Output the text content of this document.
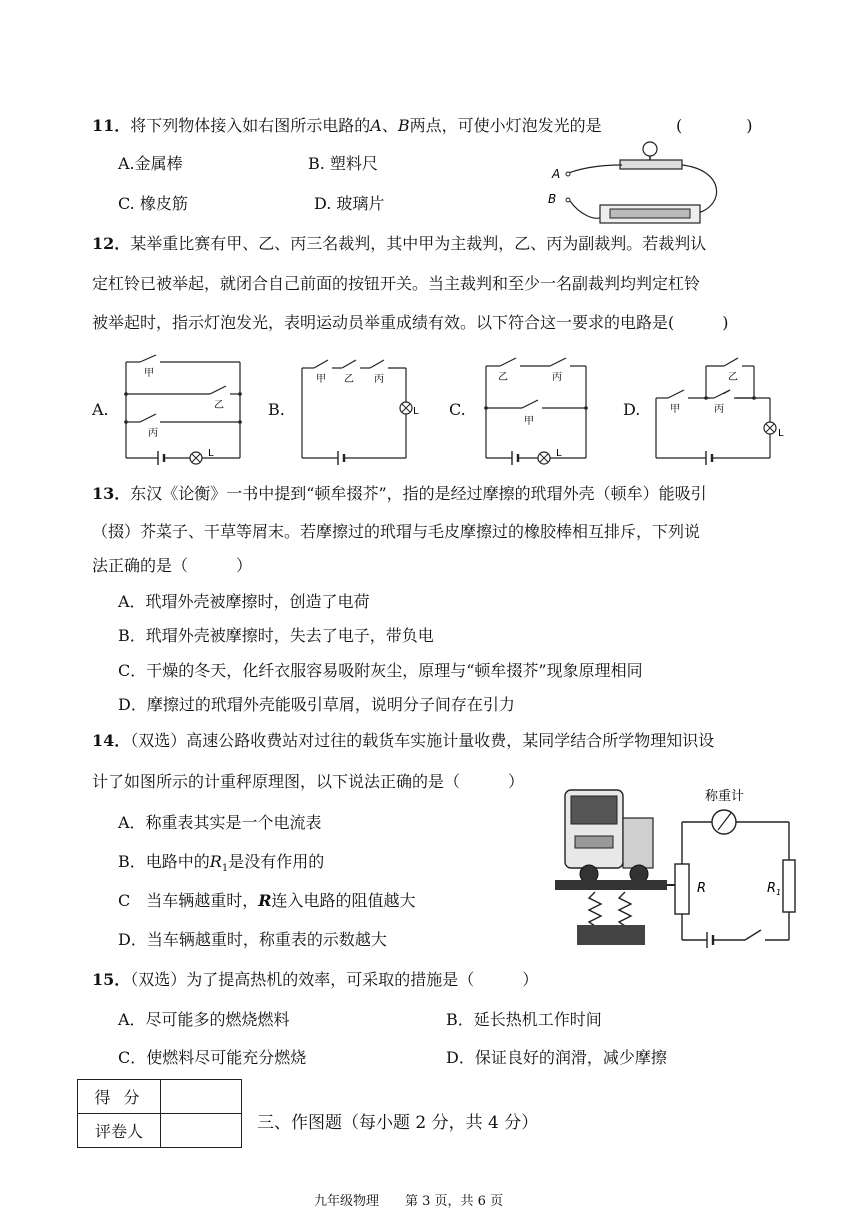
11．将下列物体接入如右图所示电路的A、B两点，可使小灯泡发光的是	(　　　　)
A.金属棒	B. 塑料尺
C. 橡皮筋	D. 玻璃片
A
B
12．某举重比赛有甲、乙、丙三名裁判，其中甲为主裁判，乙、丙为副裁判。若裁判认
定杠铃已被举起，就闭合自己前面的按钮开关。当主裁判和至少一名副裁判均判定杠铃
被举起时，指示灯泡发光，表明运动员举重成绩有效。以下符合这一要求的电路是(　　　)
A.	B.	C.	D.
甲
乙
丙
L
甲 乙 丙
L
乙	丙
甲
L
甲	丙
乙
L
13．东汉《论衡》一书中提到“顿牟掇芥”，指的是经过摩擦的玳瑁外壳（顿牟）能吸引
（掇）芥菜子、干草等屑末。若摩擦过的玳瑁与毛皮摩擦过的橡胶棒相互排斥，下列说
法正确的是（　　　）
A．玳瑁外壳被摩擦时，创造了电荷
B．玳瑁外壳被摩擦时，失去了电子，带负电
C．干燥的冬天，化纤衣服容易吸附灰尘，原理与“顿牟掇芥”现象原理相同
D．摩擦过的玳瑁外壳能吸引草屑，说明分子间存在引力
14．（双选）高速公路收费站对过往的载货车实施计量收费，某同学结合所学物理知识设
计了如图所示的计重秤原理图，以下说法正确的是（　　　）
A．称重表其实是一个电流表
B．电路中的$R_1$是没有作用的
C　当车辆越重时，R连入电路的阻值越大
D．当车辆越重时，称重表的示数越大
称重计
R	$R_1$
15．（双选）为了提高热机的效率，可采取的措施是（　　　）
A．尽可能多的燃烧燃料	B．延长热机工作时间
C．使燃料尽可能充分燃烧	D．保证良好的润滑，减少摩擦
得 分	
评卷人		三、作图题（每小题 2 分，共 4 分）
九年级物理　　第 3 页，共 6 页
